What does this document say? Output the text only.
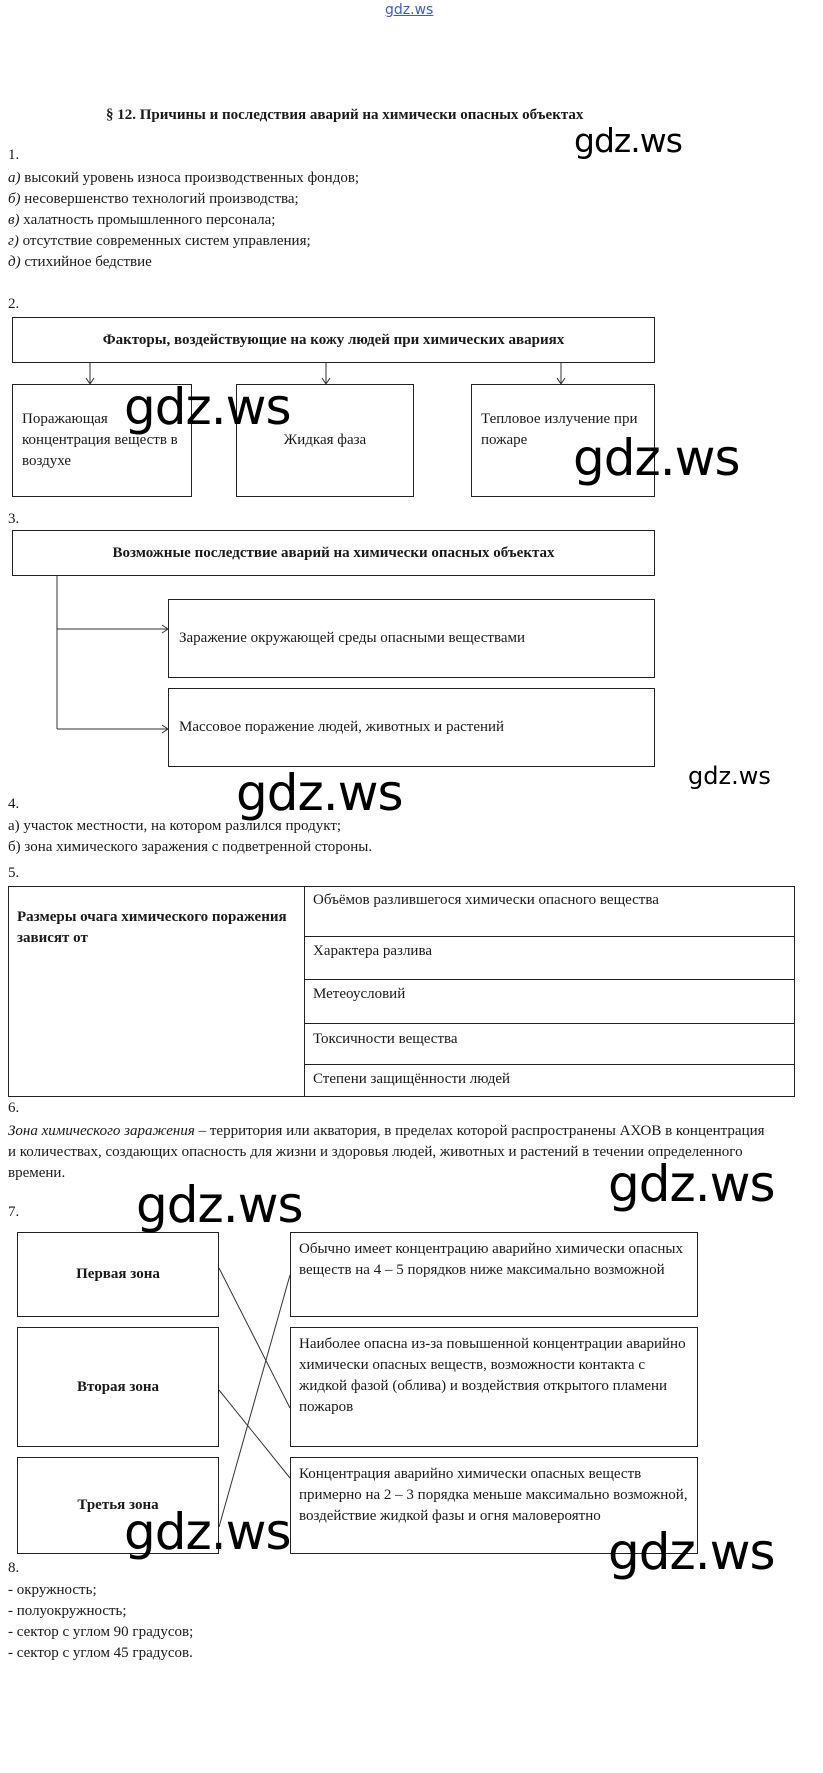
gdz.ws
§ 12. Причины и последствия аварий на химически опасных объектах
1.
а) высокий уровень износа производственных фондов;
б) несовершенство технологий производства;
в) халатность промышленного персонала;
г) отсутствие современных систем управления;
д) стихийное бедствие
2.
Факторы, воздействующие на кожу людей при химических авариях
Поражающая концентрация веществ в воздухе
Жидкая фаза
Тепловое излучение при пожаре
3.
Возможные последствие аварий на химически опасных объектах
Заражение окружающей среды опасными веществами
Массовое поражение людей, животных и растений
4.
а) участок местности, на котором разлился продукт;
б) зона химического заражения с подветренной стороны.
5.
Размеры очага химического поражения зависят от
Объёмов разлившегося химически опасного вещества
Характера разлива
Метеоусловий
Токсичности вещества
Степени защищённости людей
6.
Зона химического заражения – территория или акватория, в пределах которой распространены АХОВ в концентрация и количествах, создающих опасность для жизни и здоровья людей, животных и растений в течении определенного времени.
7.
Первая зона
Вторая зона
Третья зона
Обычно имеет концентрацию аварийно химически опасных веществ на 4 – 5 порядков ниже максимально возможной
Наиболее опасна из-за повышенной концентрации аварийно химически опасных веществ, возможности контакта с жидкой фазой (облива) и воздействия открытого пламени пожаров
Концентрация аварийно химически опасных веществ примерно на 2 – 3 порядка меньше максимально возможной, воздействие жидкой фазы и огня маловероятно
8.
- окружность;
- полуокружность;
- сектор с углом 90 градусов;
- сектор с углом 45 градусов.
gdz.ws
gdz.ws
gdz.ws
gdz.ws
gdz.ws
gdz.ws
gdz.ws
gdz.ws	gdz.ws
